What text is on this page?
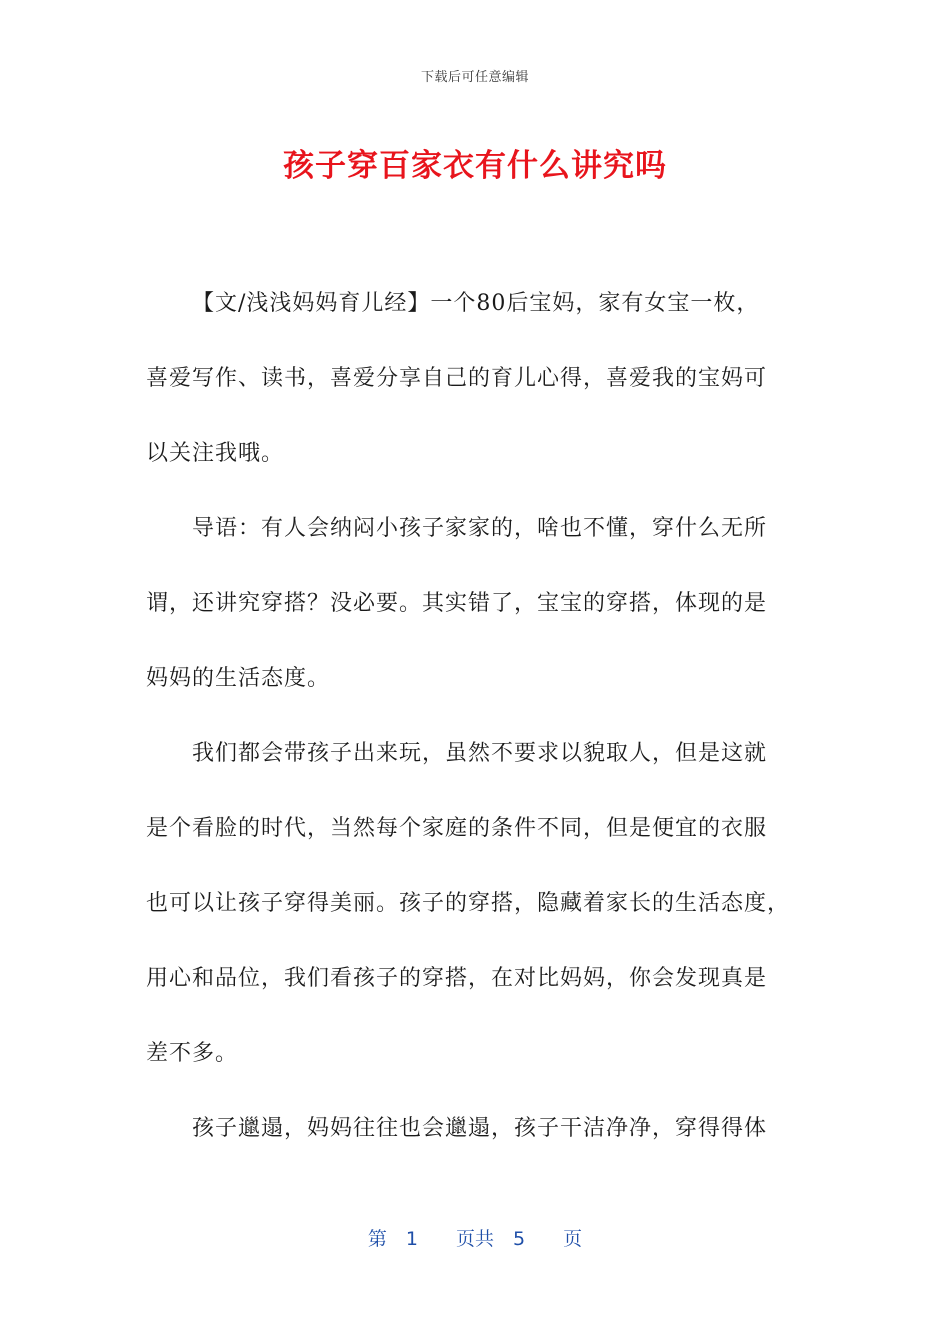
下载后可任意编辑
孩子穿百家衣有什么讲究吗
【文/浅浅妈妈育儿经】一个80后宝妈，家有女宝一枚，
喜爱写作、读书，喜爱分享自己的育儿心得，喜爱我的宝妈可
以关注我哦。
导语：有人会纳闷小孩子家家的，啥也不懂，穿什么无所
谓，还讲究穿搭？没必要。其实错了，宝宝的穿搭，体现的是
妈妈的生活态度。
我们都会带孩子出来玩，虽然不要求以貌取人，但是这就
是个看脸的时代，当然每个家庭的条件不同，但是便宜的衣服
也可以让孩子穿得美丽。孩子的穿搭，隐藏着家长的生活态度，
用心和品位，我们看孩子的穿搭，在对比妈妈，你会发现真是
差不多。
孩子邋遢，妈妈往往也会邋遢，孩子干洁净净，穿得得体
第　1　　页共　5　　页
